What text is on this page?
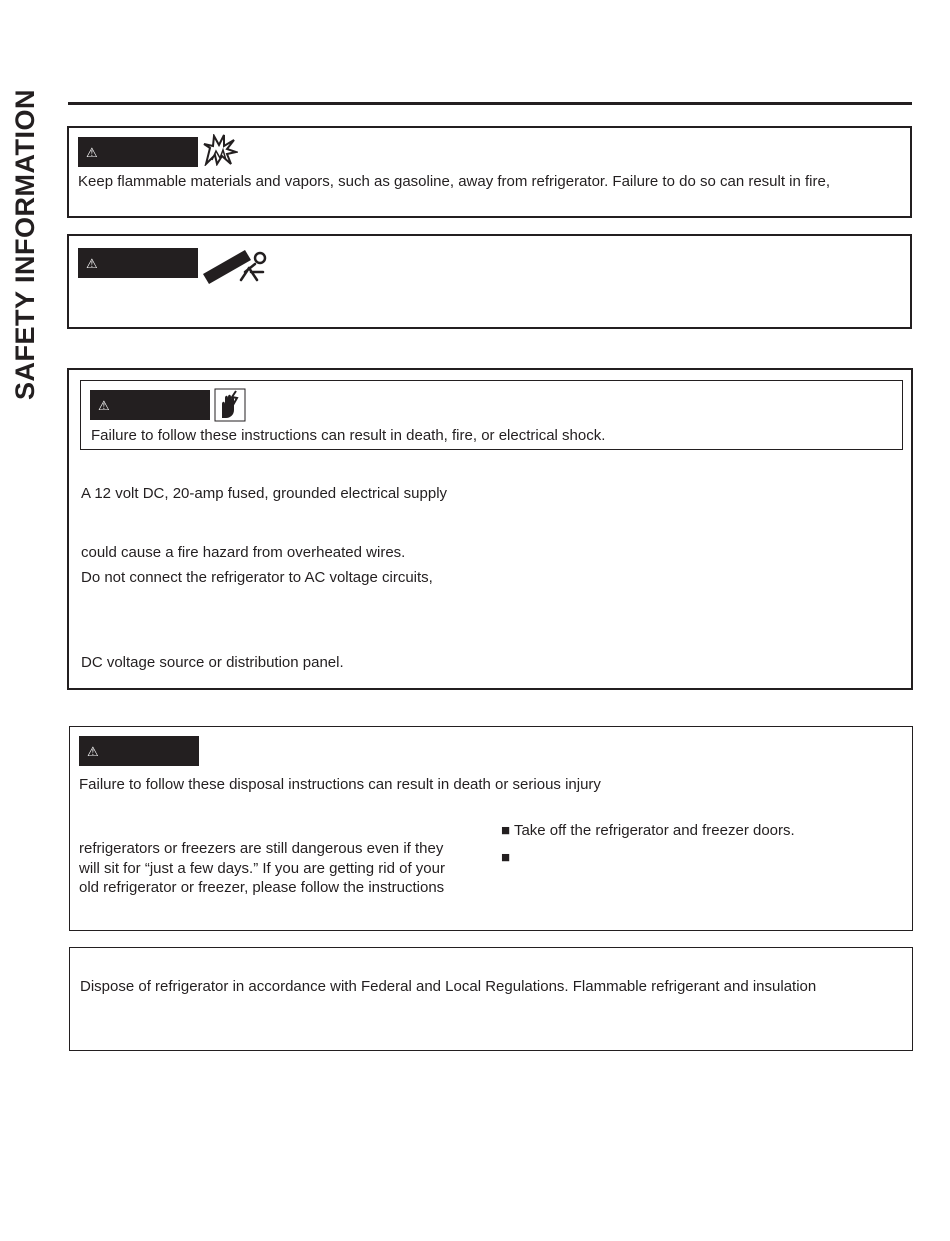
SAFETY INFORMATION	⚠
Keep flammable materials and vapors, such as gasoline, away from refrigerator. Failure to do so can result in fire,
⚠
⚠
Failure to follow these instructions can result in death, fire, or electrical shock.
A 12 volt DC, 20-amp fused, grounded electrical supply
could cause a fire hazard from overheated wires.
Do not connect the refrigerator to AC voltage circuits,
DC voltage source or distribution panel.
⚠
Failure to follow these disposal instructions can result in death or serious injury
refrigerators or freezers are still dangerous even if they
will sit for “just a few days.” If you are getting rid of your
old refrigerator or freezer, please follow the instructions
■ Take off the refrigerator and freezer doors.
■
Dispose of refrigerator in accordance with Federal and Local Regulations. Flammable refrigerant and insulation
